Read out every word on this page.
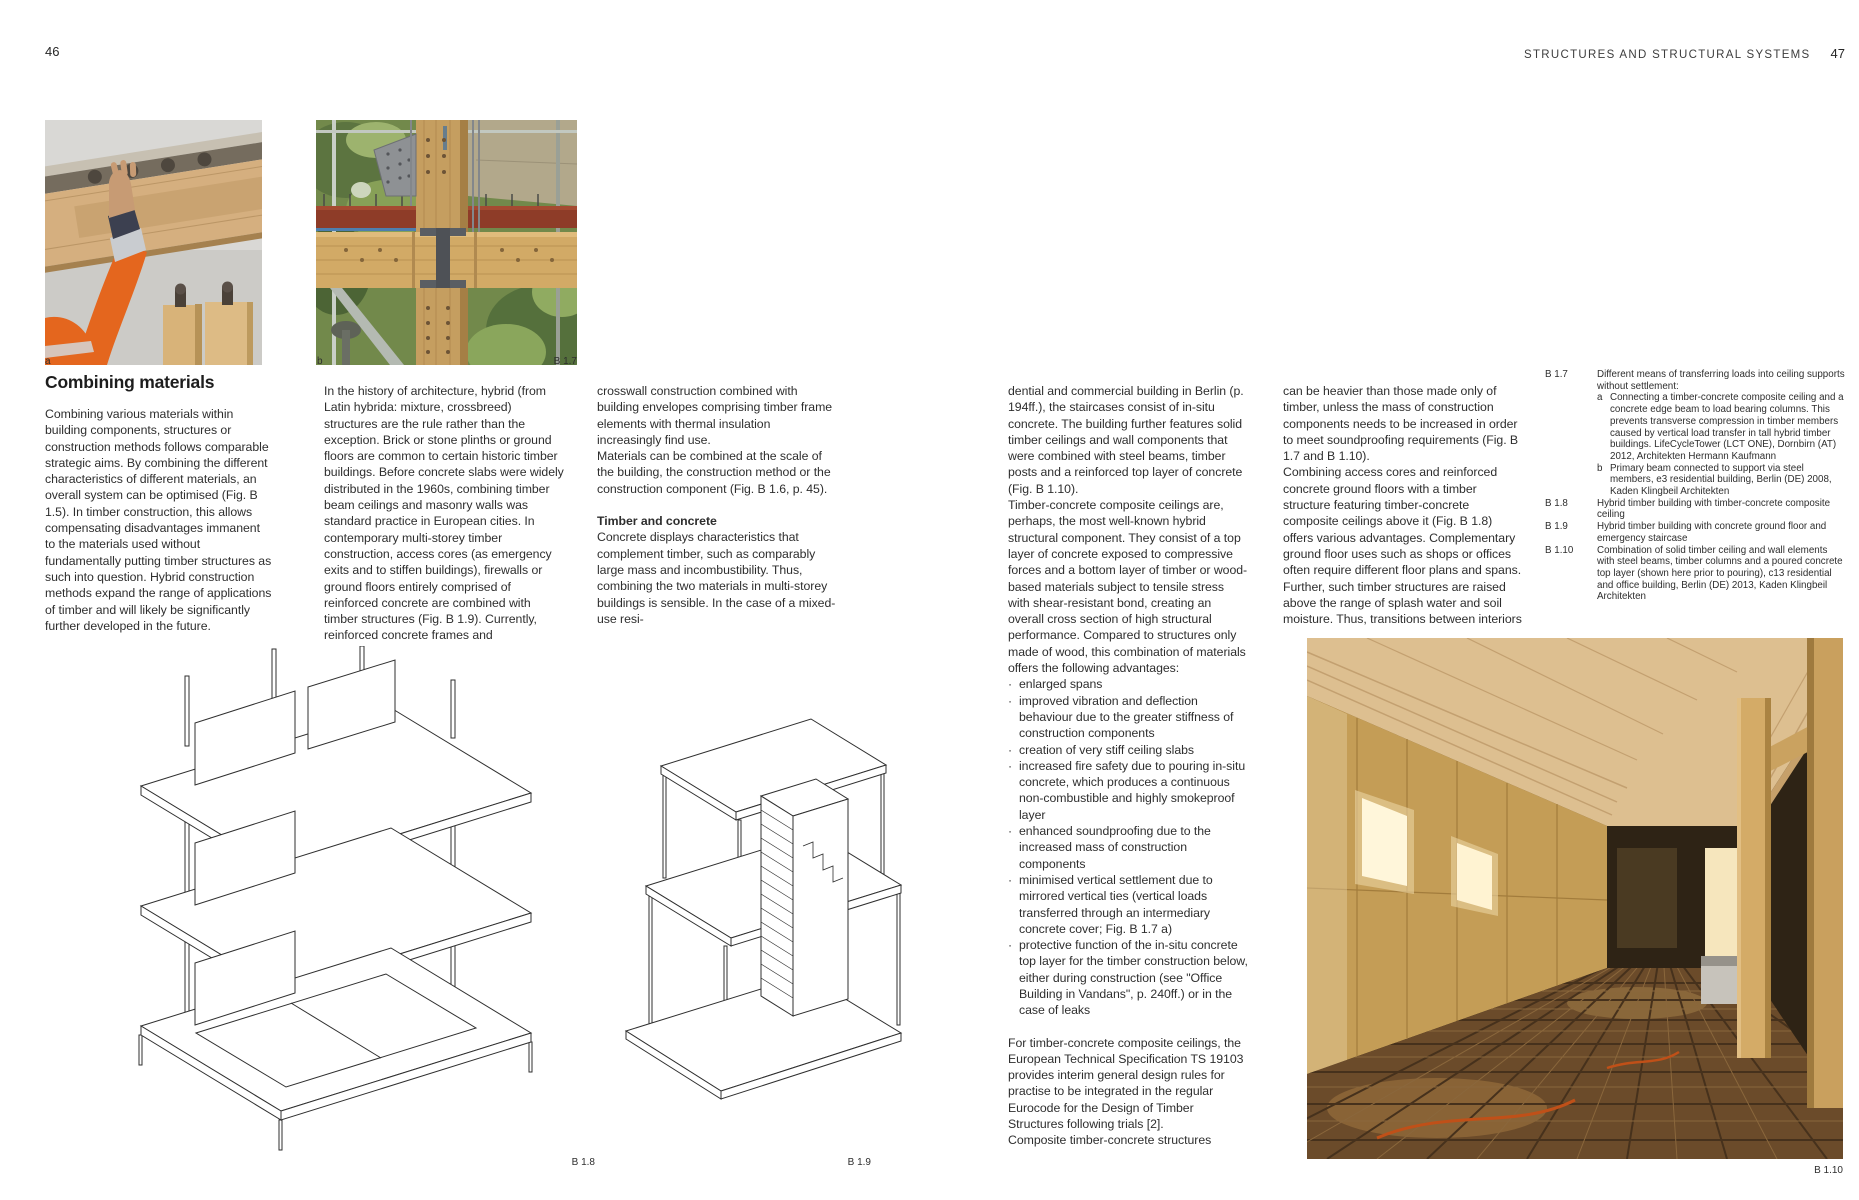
46	STRUCTURES AND STRUCTURAL SYSTEMS 47
a	b	B 1.7
Combining materials

Combining various materials within building components, structures or construction methods follows comparable strategic aims. By combining the different characteristics of different materials, an overall system can be optimised (Fig. B 1.5). In timber construction, this allows compensating disadvantages immanent to the materials used without fundamentally putting timber structures as such into question. Hybrid construction methods expand the range of applications of timber and will likely be significantly further developed in the future.

In the history of architecture, hybrid (from Latin hybrida: mixture, crossbreed) structures are the rule rather than the exception. Brick or stone plinths or ground floors are common to certain historic timber buildings. Before concrete slabs were widely distributed in the 1960s, combining timber beam ceilings and masonry walls was standard practice in European cities. In contemporary multi-storey timber construction, access cores (as emergency exits and to stiffen buildings), firewalls or ground floors entirely comprised of reinforced concrete are combined with timber structures (Fig. B 1.9). Currently, reinforced concrete frames and

crosswall construction combined with building envelopes comprising timber frame elements with thermal insulation increasingly find use.

Materials can be combined at the scale of the building, the construction method or the construction component (Fig. B 1.6, p. 45).

Timber and concrete

Concrete displays characteristics that complement timber, such as comparably large mass and incombustibility. Thus, combining the two materials in multi-storey buildings is sensible. In the case of a mixed-use resi-

dential and commercial building in Berlin (p. 194ff.), the staircases consist of in-situ concrete. The building further features solid timber ceilings and wall components that were combined with steel beams, timber posts and a reinforced top layer of concrete (Fig. B 1.10).

Timber-concrete composite ceilings are, perhaps, the most well-known hybrid structural component. They consist of a top layer of concrete exposed to compressive forces and a bottom layer of timber or wood-based materials subject to tensile stress with shear-resistant bond, creating an overall cross section of high structural performance. Compared to structures only made of wood, this combination of materials offers the following advantages:

· enlarged spans
· improved vibration and deflection behaviour due to the greater stiffness of construction components
· creation of very stiff ceiling slabs
· increased fire safety due to pouring in-situ concrete, which produces a continuous non-combustible and highly smokeproof layer
· enhanced soundproofing due to the increased mass of construction components
· minimised vertical settlement due to mirrored vertical ties (vertical loads transferred through an intermediary concrete cover; Fig. B 1.7 a)
· protective function of the in-situ concrete top layer for the timber construction below, either during construction (see "Office Building in Vandans", p. 240ff.) or in the case of leaks

For timber-concrete composite ceilings, the European Technical Specification TS 19103 provides interim general design rules for practise to be integrated in the regular Eurocode for the Design of Timber Structures following trials [2].

Composite timber-concrete structures

can be heavier than those made only of timber, unless the mass of construction components needs to be increased in order to meet soundproofing requirements (Fig. B 1.7 and B 1.10).

Combining access cores and reinforced concrete ground floors with a timber structure featuring timber-concrete composite ceilings above it (Fig. B 1.8) offers various advantages. Complementary ground floor uses such as shops or offices often require different floor plans and spans. Further, such timber structures are raised above the range of splash water and soil moisture. Thus, transitions between interiors

B 1.7	Different means of transferring loads into ceiling supports without settlement:
a Connecting a timber-concrete composite ceiling and a concrete edge beam to load bearing columns. This prevents transverse compression in timber members caused by vertical load transfer in tall hybrid timber buildings. LifeCycleTower (LCT ONE), Dornbirn (AT) 2012, Architekten Hermann Kaufmann
b Primary beam connected to support via steel members, e3 residential building, Berlin (DE) 2008, Kaden Klingbeil Architekten
B 1.8	Hybrid timber building with timber-concrete composite ceiling
B 1.9	Hybrid timber building with concrete ground floor and emergency staircase
B 1.10	Combination of solid timber ceiling and wall elements with steel beams, timber columns and a poured concrete top layer (shown here prior to pouring), c13 residential and office building, Berlin (DE) 2013, Kaden Klingbeil Architekten
B 1.8	B 1.9
B 1.10
